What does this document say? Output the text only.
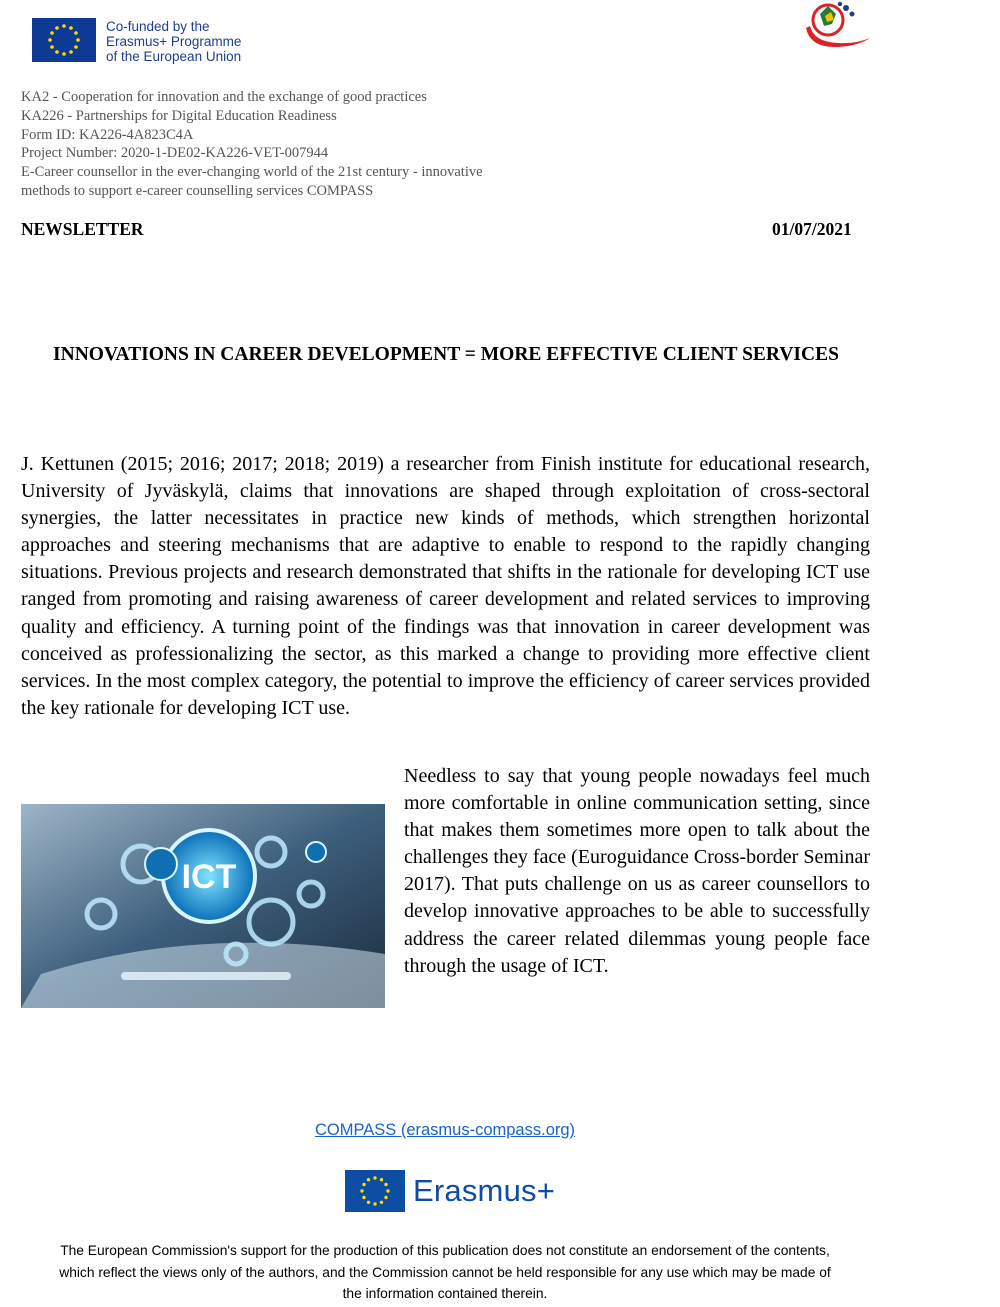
Co-funded by the
Erasmus+ Programme
of the European Union
KA2 - Cooperation for innovation and the exchange of good practices
KA226 - Partnerships for Digital Education Readiness
Form ID: KA226-4A823C4A
Project Number: 2020-1-DE02-KA226-VET-007944
E-Career counsellor in the ever-changing world of the 21st century - innovative
methods to support e-career counselling services COMPASS
NEWSLETTER	01/07/2021
INNOVATIONS IN CAREER DEVELOPMENT = MORE EFFECTIVE CLIENT SERVICES
J. Kettunen (2015; 2016; 2017; 2018; 2019) a researcher from Finish institute for educational research, University of Jyväskylä, claims that innovations are shaped through exploitation of cross-sectoral synergies, the latter necessitates in practice new kinds of methods, which strengthen horizontal approaches and steering mechanisms that are adaptive to enable to respond to the rapidly changing situations. Previous projects and research demonstrated that shifts in the rationale for developing ICT use ranged from promoting and raising awareness of career development and related services to improving quality and efficiency. A turning point of the findings was that innovation in career development was conceived as professionalizing the sector, as this marked a change to providing more effective client services. In the most complex category, the potential to improve the efficiency of career services provided the key rationale for developing ICT use.
ICT
Needless to say that young people nowadays feel much more comfortable in online communication setting, since that makes them sometimes more open to talk about the challenges they face (Euroguidance Cross-border Seminar 2017). That puts challenge on us as career counsellors to develop innovative approaches to be able to successfully address the career related dilemmas young people face through the usage of ICT.
COMPASS (erasmus-compass.org)
Erasmus+
The European Commission's support for the production of this publication does not constitute an endorsement of the contents,
which reflect the views only of the authors, and the Commission cannot be held responsible for any use which may be made of
the information contained therein.
